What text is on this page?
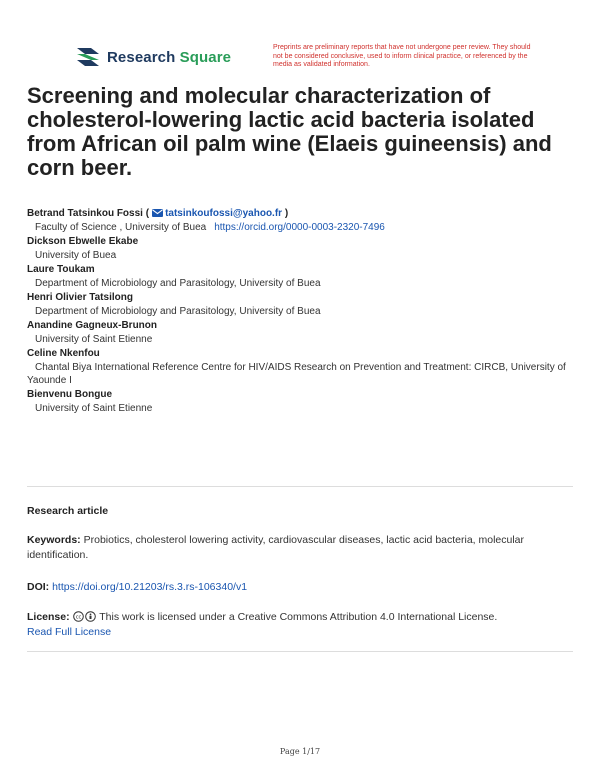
Research Square
Preprints are preliminary reports that have not undergone peer review. They should not be considered conclusive, used to inform clinical practice, or referenced by the media as validated information.
Screening and molecular characterization of cholesterol-lowering lactic acid bacteria isolated from African oil palm wine (Elaeis guineensis) and corn beer.
Betrand Tatsinkou Fossi ( tatsinkoufossi@yahoo.fr )
Faculty of Science , University of Buea https://orcid.org/0000-0003-2320-7496
Dickson Ebwelle Ekabe
University of Buea
Laure Toukam
Department of Microbiology and Parasitology, University of Buea
Henri Olivier Tatsilong
Department of Microbiology and Parasitology, University of Buea
Anandine Gagneux-Brunon
University of Saint Etienne
Celine Nkenfou
Chantal Biya International Reference Centre for HIV/AIDS Research on Prevention and Treatment: CIRCB, University of Yaounde I
Bienvenu Bongue
University of Saint Etienne
Research article
Keywords: Probiotics, cholesterol lowering activity, cardiovascular diseases, lactic acid bacteria, molecular identification.
DOI: https://doi.org/10.21203/rs.3.rs-106340/v1
License: cc This work is licensed under a Creative Commons Attribution 4.0 International License.
Read Full License
Page 1/17
